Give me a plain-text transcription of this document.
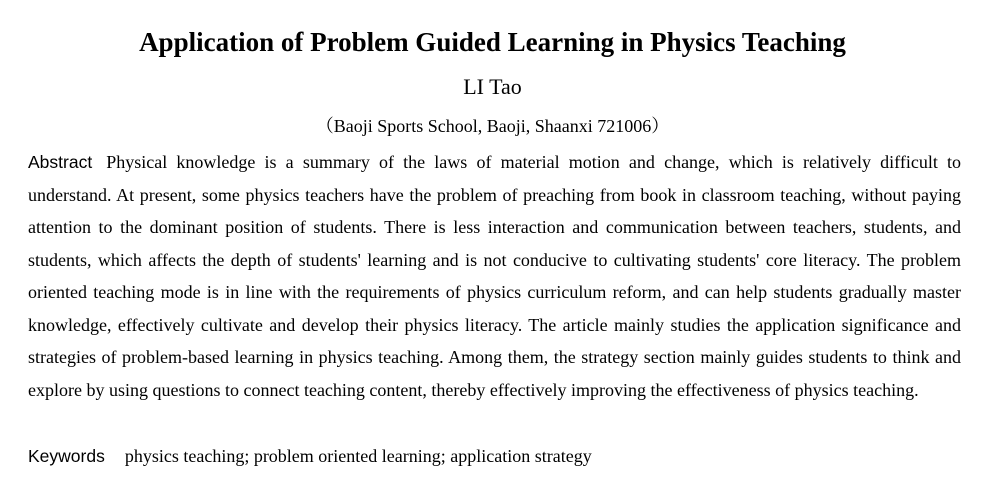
Application of Problem Guided Learning in Physics Teaching
LI Tao
（Baoji Sports School, Baoji, Shaanxi 721006）

Abstract Physical knowledge is a summary of the laws of material motion and change, which is relatively difficult to understand. At present, some physics teachers have the problem of preaching from book in classroom teaching, without paying attention to the dominant position of students. There is less interaction and communication between teachers, students, and students, which affects the depth of students' learning and is not conducive to cultivating students' core literacy. The problem oriented teaching mode is in line with the requirements of physics curriculum reform, and can help students gradually master knowledge, effectively cultivate and develop their physics literacy. The article mainly studies the application significance and strategies of problem-based learning in physics teaching. Among them, the strategy section mainly guides students to think and explore by using questions to connect teaching content, thereby effectively improving the effectiveness of physics teaching.

Keywords physics teaching; problem oriented learning; application strategy
